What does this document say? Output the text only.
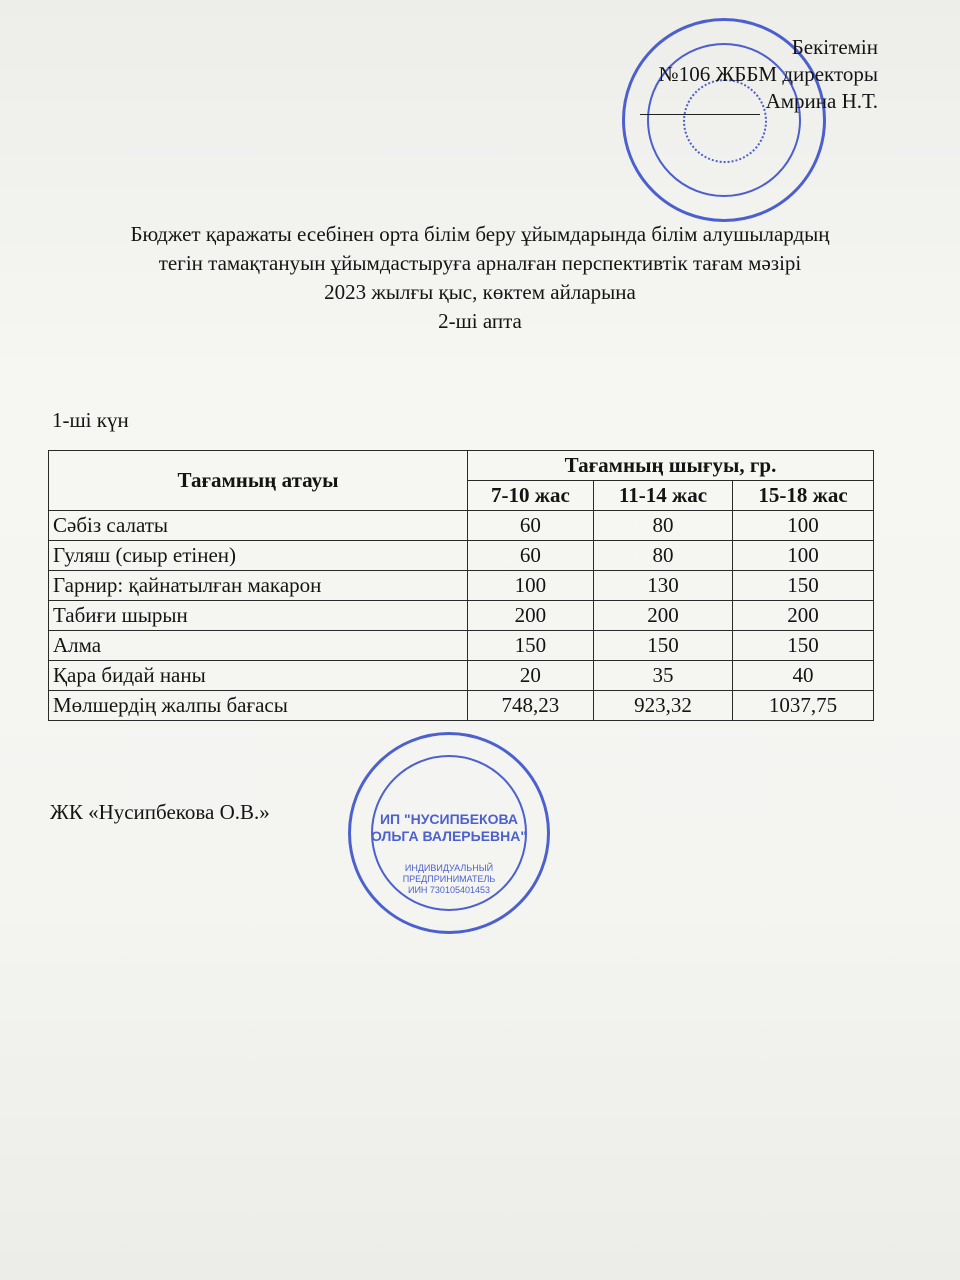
Бекітемін
№106 ЖББМ директоры
Амрина Н.Т.
Бюджет қаражаты есебінен орта білім беру ұйымдарында білім алушылардың
тегін тамақтануын ұйымдастыруға арналған перспективтік тағам мәзірі
2023 жылғы қыс, көктем айларына
2-ші апта
1-ші күн
Тағамның атауы	Тағамның шығуы, гр.		
	7-10 жас	11-14 жас	15-18 жас
Сәбіз салаты	60	80	100
Гуляш (сиыр етінен)	60	80	100
Гарнир: қайнатылған макарон	100	130	150
Табиғи шырын	200	200	200
Алма	150	150	150
Қара бидай наны	20	35	40
Мөлшердің жалпы бағасы	748,23	923,32	1037,75
ЖК «Нусипбекова О.В.»	ИП "НУСИПБЕКОВА
ОЛЬГА ВАЛЕРЬЕВНА"
ИНДИВИДУАЛЬНЫЙ
ПРЕДПРИНИМАТЕЛЬ
ИИН 730105401453
